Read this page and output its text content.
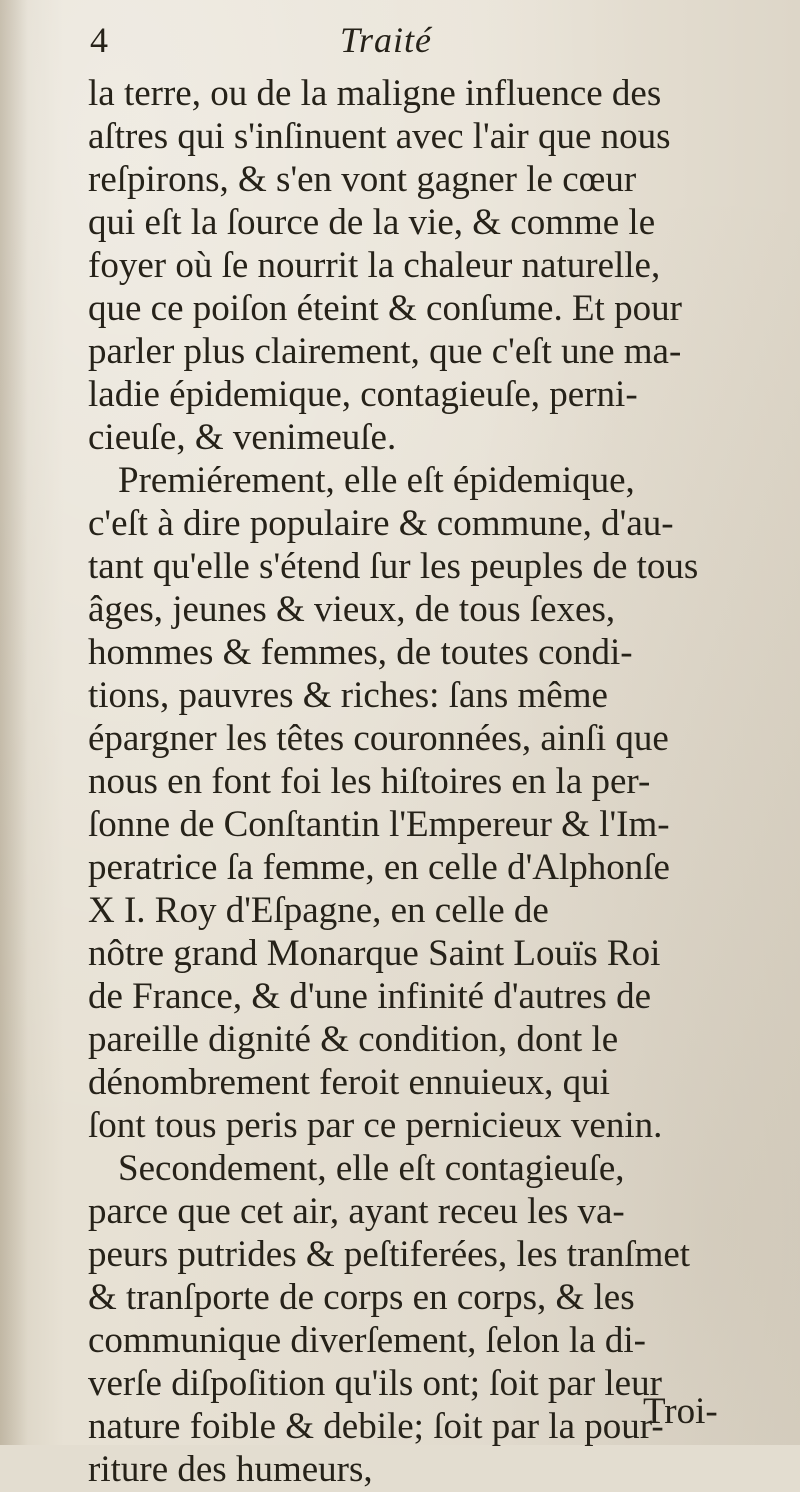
4	Traité
la terre, ou de la maligne influence des
aſtres qui s'inſinuent avec l'air que nous
reſpirons, & s'en vont gagner le cœur
qui eſt la ſource de la vie, & comme le
foyer où ſe nourrit la chaleur naturelle,
que ce poiſon éteint & conſume. Et pour
parler plus clairement, que c'eſt une ma-
ladie épidemique, contagieuſe, perni-
cieuſe, & venimeuſe.
Premiérement, elle eſt épidemique,
c'eſt à dire populaire & commune, d'au-
tant qu'elle s'étend ſur les peuples de tous
âges, jeunes & vieux, de tous ſexes,
hommes & femmes, de toutes condi-
tions, pauvres & riches: ſans même
épargner les têtes couronnées, ainſi que
nous en font foi les hiſtoires en la per-
ſonne de Conſtantin l'Empereur & l'Im-
peratrice ſa femme, en celle d'Alphonſe
X I. Roy d'Eſpagne, en celle de
nôtre grand Monarque Saint Louïs Roi
de France, & d'une infinité d'autres de
pareille dignité & condition, dont le
dénombrement feroit ennuieux, qui
ſont tous peris par ce pernicieux venin.
Secondement, elle eſt contagieuſe,
parce que cet air, ayant receu les va-
peurs putrides & peſtiferées, les tranſmet
& tranſporte de corps en corps, & les
communique diverſement, ſelon la di-
verſe diſpoſition qu'ils ont; ſoit par leur
nature foible & debile; ſoit par la pour-
riture des humeurs,
Troi-
